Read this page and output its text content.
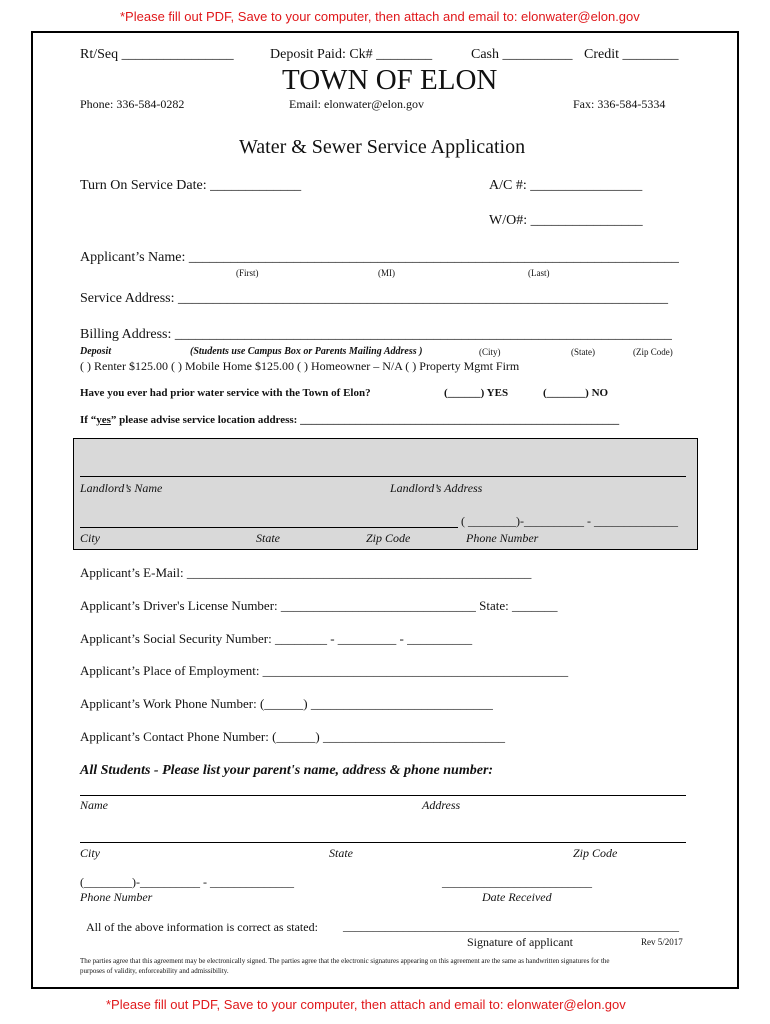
*Please fill out PDF, Save to your computer, then attach and email to: elonwater@elon.gov
Rt/Seq ________________	Deposit Paid: Ck# ________	Cash __________ Credit ________
TOWN OF ELON
Phone: 336-584-0282	Email: elonwater@elon.gov	Fax: 336-584-5334
Water & Sewer Service Application
Turn On Service Date: _____________	A/C #: ________________
W/O#: ________________
Applicant’s Name: ______________________________________________________________________
(First)	(MI)	(Last)
Service Address: ______________________________________________________________________
Billing Address: _______________________________________________________________________
Deposit	(Students use Campus Box or Parents Mailing Address )	(City)	(State)	(Zip Code)
( ) Renter $125.00 ( ) Mobile Home $125.00 ( ) Homeowner – N/A ( ) Property Mgmt Firm
Have you ever had prior water service with the Town of Elon?	(______) YES	(_______) NO
If “yes” please advise service location address: __________________________________________________________
Landlord’s Name	Landlord’s Address
( ________)-__________ - ______________
City	State	Zip Code	Phone Number
Applicant’s E-Mail: _____________________________________________________
Applicant’s Driver's License Number: ______________________________ State: _______
Applicant’s Social Security Number: ________ - _________ - __________
Applicant’s Place of Employment: _______________________________________________
Applicant’s Work Phone Number: (______) ____________________________
Applicant’s Contact Phone Number: (______) ____________________________
All Students - Please list your parent's name, address & phone number:
Name	Address
City	State	Zip Code
(________)-__________ - ______________
Phone Number
_________________________
Date Received
All of the above information is correct as stated: ________________________________________________________
Signature of applicant	Rev 5/2017
The parties agree that this agreement may be electronically signed. The parties agree that the electronic signatures appearing on this agreement are the same as handwritten signatures for the
purposes of validity, enforceability and admissibility.
*Please fill out PDF, Save to your computer, then attach and email to: elonwater@elon.gov
